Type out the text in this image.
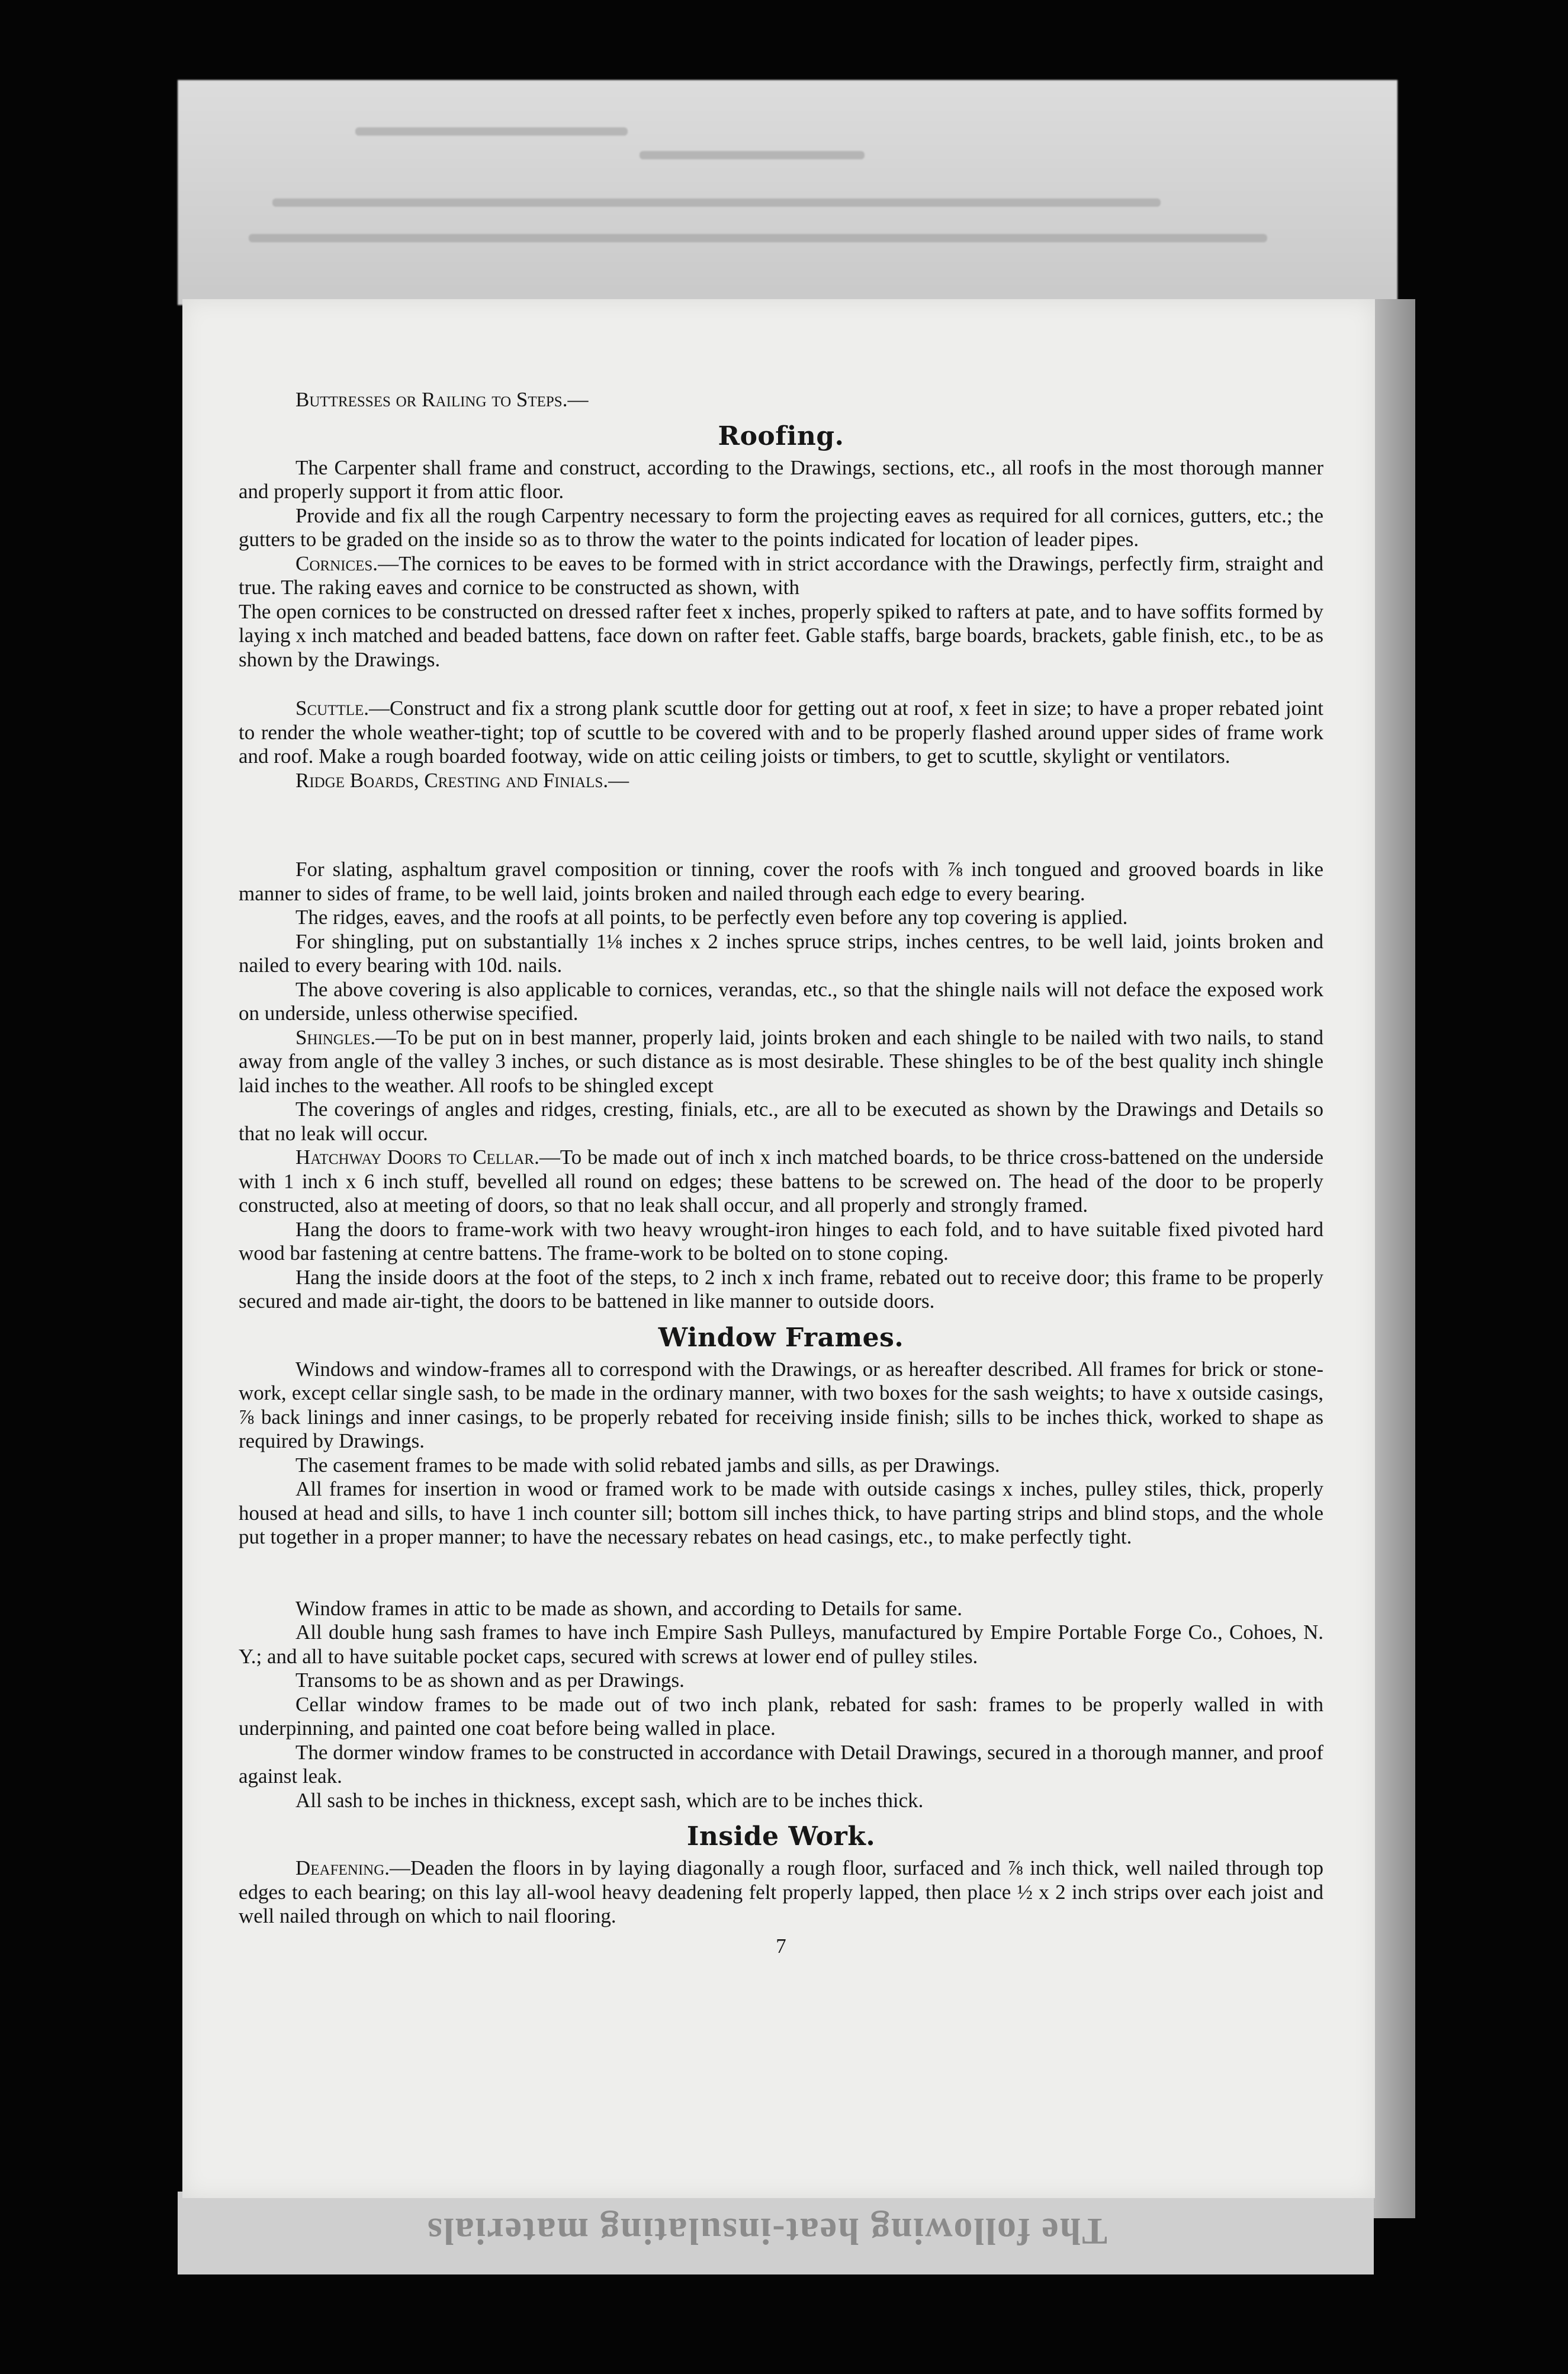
The following heat-insulating materials

Buttresses or Railing to Steps.—

Roofing.

The Carpenter shall frame and construct, according to the Drawings, sections, etc., all roofs in the most thorough manner and properly support it from attic floor.

Provide and fix all the rough Carpentry necessary to form the projecting eaves as required for all cornices, gutters, etc.; the gutters to be graded on the inside so as to throw the water to the points indicated for location of leader pipes.

Cornices.—The cornices to be eaves to be formed with in strict accordance with the Drawings, perfectly firm, straight and true. The raking eaves and cornice to be constructed as shown, with

The open cornices to be constructed on dressed rafter feet x inches, properly spiked to rafters at pate, and to have soffits formed by laying x inch matched and beaded battens, face down on rafter feet. Gable staffs, barge boards, brackets, gable finish, etc., to be as shown by the Drawings.

Scuttle.—Construct and fix a strong plank scuttle door for getting out at roof, x feet in size; to have a proper rebated joint to render the whole weather-tight; top of scuttle to be covered with and to be properly flashed around upper sides of frame work and roof. Make a rough boarded footway, wide on attic ceiling joists or timbers, to get to scuttle, skylight or ventilators.

Ridge Boards, Cresting and Finials.—

For slating, asphaltum gravel composition or tinning, cover the roofs with ⅞ inch tongued and grooved boards in like manner to sides of frame, to be well laid, joints broken and nailed through each edge to every bearing.

The ridges, eaves, and the roofs at all points, to be perfectly even before any top covering is applied.

For shingling, put on substantially 1⅛ inches x 2 inches spruce strips, inches centres, to be well laid, joints broken and nailed to every bearing with 10d. nails.

The above covering is also applicable to cornices, verandas, etc., so that the shingle nails will not deface the exposed work on underside, unless otherwise specified.

Shingles.—To be put on in best manner, properly laid, joints broken and each shingle to be nailed with two nails, to stand away from angle of the valley 3 inches, or such distance as is most desirable. These shingles to be of the best quality inch shingle laid inches to the weather. All roofs to be shingled except

The coverings of angles and ridges, cresting, finials, etc., are all to be executed as shown by the Drawings and Details so that no leak will occur.

Hatchway Doors to Cellar.—To be made out of inch x inch matched boards, to be thrice cross-battened on the underside with 1 inch x 6 inch stuff, bevelled all round on edges; these battens to be screwed on. The head of the door to be properly constructed, also at meeting of doors, so that no leak shall occur, and all properly and strongly framed.

Hang the doors to frame-work with two heavy wrought-iron hinges to each fold, and to have suitable fixed pivoted hard wood bar fastening at centre battens. The frame-work to be bolted on to stone coping.

Hang the inside doors at the foot of the steps, to 2 inch x inch frame, rebated out to receive door; this frame to be properly secured and made air-tight, the doors to be battened in like manner to outside doors.

Window Frames.

Windows and window-frames all to correspond with the Drawings, or as hereafter described. All frames for brick or stone-work, except cellar single sash, to be made in the ordinary manner, with two boxes for the sash weights; to have x outside casings, ⅞ back linings and inner casings, to be properly rebated for receiving inside finish; sills to be inches thick, worked to shape as required by Drawings.

The casement frames to be made with solid rebated jambs and sills, as per Drawings.

All frames for insertion in wood or framed work to be made with outside casings x inches, pulley stiles, thick, properly housed at head and sills, to have 1 inch counter sill; bottom sill inches thick, to have parting strips and blind stops, and the whole put together in a proper manner; to have the necessary rebates on head casings, etc., to make perfectly tight.

Window frames in attic to be made as shown, and according to Details for same.

All double hung sash frames to have inch Empire Sash Pulleys, manufactured by Empire Portable Forge Co., Cohoes, N. Y.; and all to have suitable pocket caps, secured with screws at lower end of pulley stiles.

Transoms to be as shown and as per Drawings.

Cellar window frames to be made out of two inch plank, rebated for sash: frames to be properly walled in with underpinning, and painted one coat before being walled in place.

The dormer window frames to be constructed in accordance with Detail Drawings, secured in a thorough manner, and proof against leak.

All sash to be inches in thickness, except sash, which are to be inches thick.

Inside Work.

Deafening.—Deaden the floors in by laying diagonally a rough floor, surfaced and ⅞ inch thick, well nailed through top edges to each bearing; on this lay all-wool heavy deadening felt properly lapped, then place ½ x 2 inch strips over each joist and well nailed through on which to nail flooring.

7
